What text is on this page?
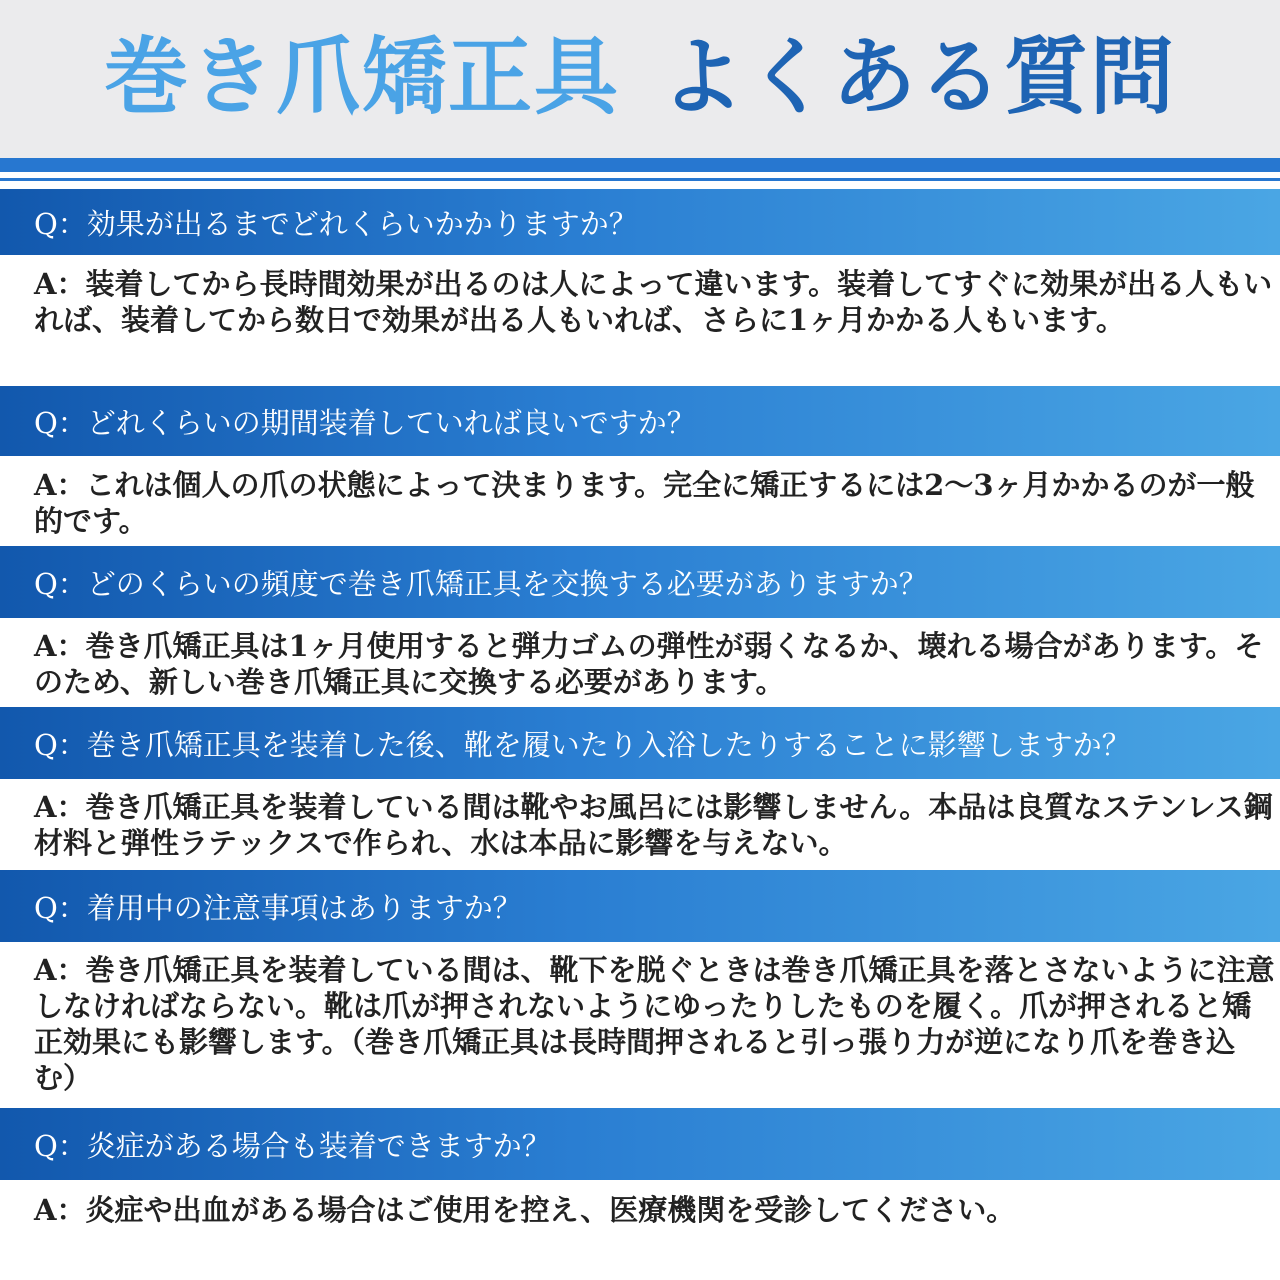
巻き爪矯正具 よくある質問
Q：効果が出るまでどれくらいかかりますか？
A：装着してから長時間効果が出るのは人によって違います。装着してすぐに効果が出る人もいれば、装着してから数日で効果が出る人もいれば、さらに1ヶ月かかる人もいます。
Q：どれくらいの期間装着していれば良いですか？
A：これは個人の爪の状態によって決まります。完全に矯正するには2～3ヶ月かかるのが一般的です。
Q：どのくらいの頻度で巻き爪矯正具を交換する必要がありますか？
A：巻き爪矯正具は1ヶ月使用すると弾力ゴムの弾性が弱くなるか、壊れる場合があります。そのため、新しい巻き爪矯正具に交換する必要があります。
Q：巻き爪矯正具を装着した後、靴を履いたり入浴したりすることに影響しますか？
A：巻き爪矯正具を装着している間は靴やお風呂には影響しません。本品は良質なステンレス鋼材料と弾性ラテックスで作られ、水は本品に影響を与えない。
Q：着用中の注意事項はありますか？
A：巻き爪矯正具を装着している間は、靴下を脱ぐときは巻き爪矯正具を落とさないように注意しなければならない。靴は爪が押されないようにゆったりしたものを履く。爪が押されると矯正効果にも影響します。（巻き爪矯正具は長時間押されると引っ張り力が逆になり爪を巻き込む）
Q：炎症がある場合も装着できますか？
A：炎症や出血がある場合はご使用を控え、医療機関を受診してください。
